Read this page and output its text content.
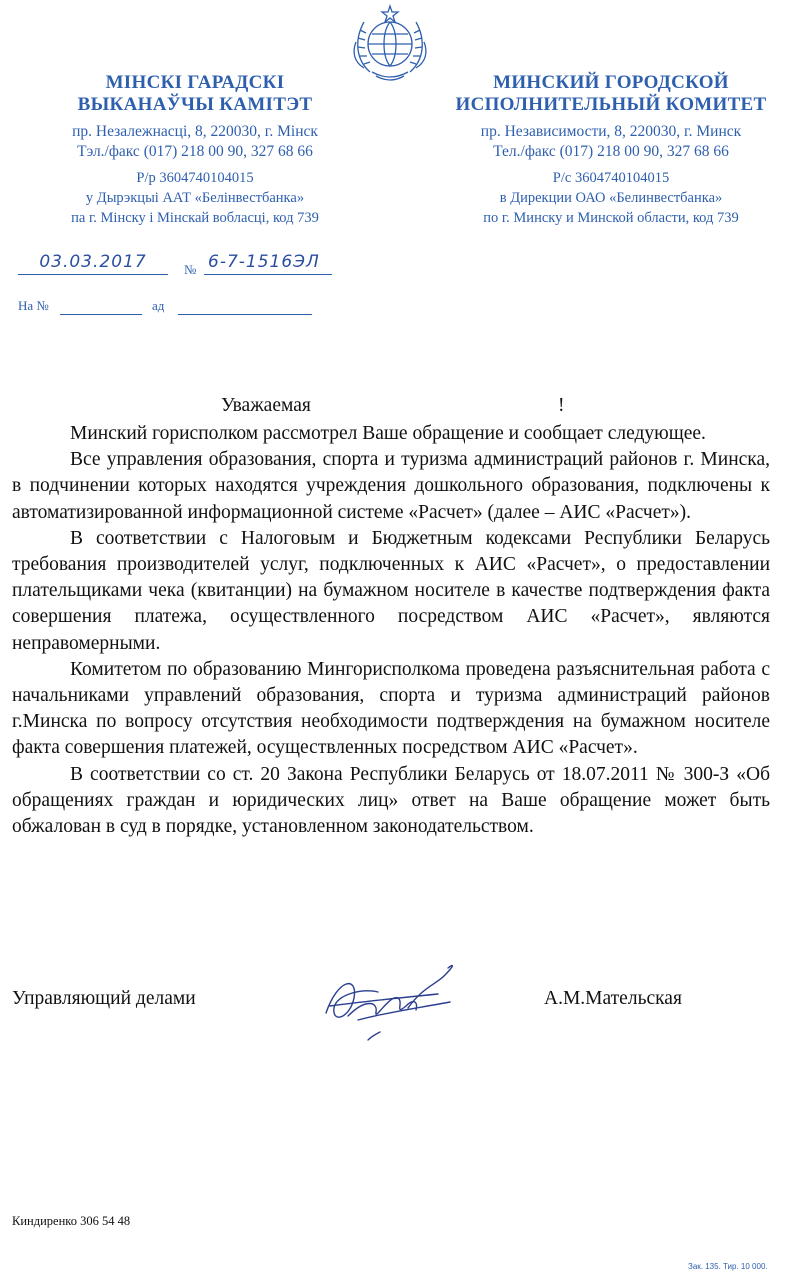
МІНСКІ ГАРАДСКІ
ВЫКАНАЎЧЫ КАМІТЭТ
пр. Незалежнасці, 8, 220030, г. Мінск
Тэл./факс (017) 218 00 90, 327 68 66
Р/р 3604740104015
у Дырэкцыі ААТ «Белінвестбанка»
па г. Мінску і Мінскай вобласці, код 739
МИНСКИЙ ГОРОДСКОЙ
ИСПОЛНИТЕЛЬНЫЙ КОМИТЕТ
пр. Независимости, 8, 220030, г. Минск
Тел./факс (017) 218 00 90, 327 68 66
Р/с 3604740104015
в Дирекции ОАО «Белинвестбанка»
по г. Минску и Минской области, код 739
03.03.2017	№ 6-7-1516ЭЛ
На №	ад
Уважаемая	!

Минский горисполком рассмотрел Ваше обращение и сообщает следующее.

Все управления образования, спорта и туризма администраций районов г. Минска, в подчинении которых находятся учреждения дошкольного образования, подключены к автоматизированной информационной системе «Расчет» (далее – АИС «Расчет»).

В соответствии с Налоговым и Бюджетным кодексами Республики Беларусь требования производителей услуг, подключенных к АИС «Расчет», о предоставлении плательщиками чека (квитанции) на бумажном носителе в качестве подтверждения факта совершения платежа, осуществленного посредством АИС «Расчет», являются неправомерными.

Комитетом по образованию Мингорисполкома проведена разъяснительная работа с начальниками управлений образования, спорта и туризма администраций районов г.Минска по вопросу отсутствия необходимости подтверждения на бумажном носителе факта совершения платежей, осуществленных посредством АИС «Расчет».

В соответствии со ст. 20 Закона Республики Беларусь от 18.07.2011 № 300-З «Об обращениях граждан и юридических лиц» ответ на Ваше обращение может быть обжалован в суд в порядке, установленном законодательством.

Управляющий делами	А.М.Мательская
Киндиренко 306 54 48
Зак. 135. Тир. 10 000.
